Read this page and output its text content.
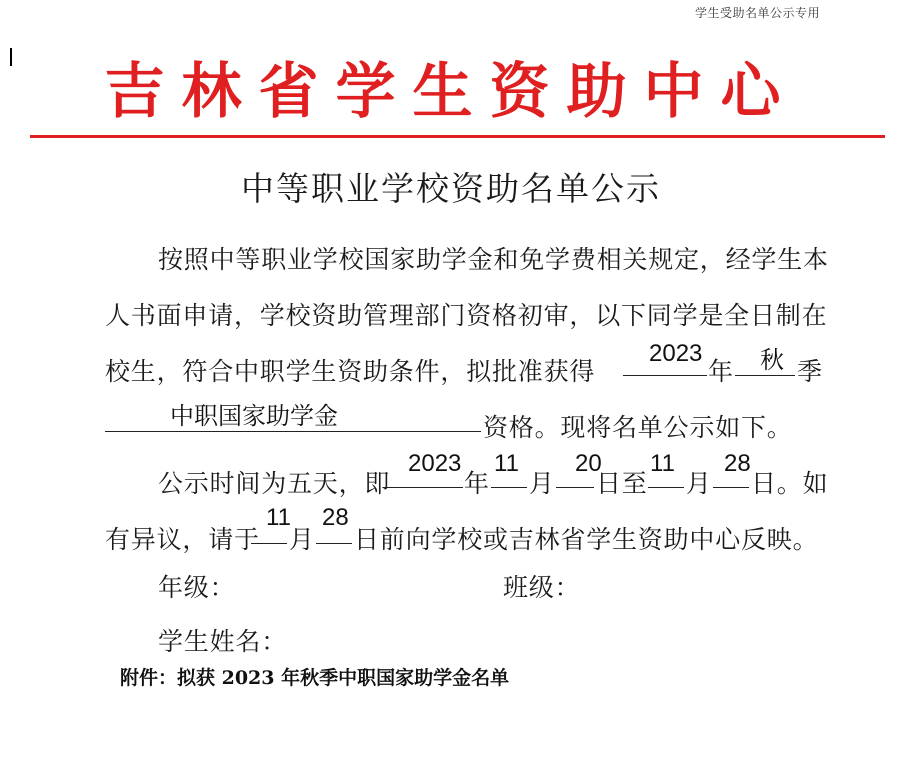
学生受助名单公示专用
吉林省学生资助中心
中等职业学校资助名单公示
按照中等职业学校国家助学金和免学费相关规定，经学生本
人书面申请，学校资助管理部门资格初审，以下同学是全日制在
校生，符合中职学生资助条件，拟批准获得
2023
年 秋 季
中职国家助学金	资格。现将名单公示如下。
公示时间为五天，即
2023
年
11
月
20
日至
11
月
28
日。如
有异议，请于
11
月
28
日前向学校或吉林省学生资助中心反映。
年级：	班级：
学生姓名：
附件：拟获 2023 年秋季中职国家助学金名单
